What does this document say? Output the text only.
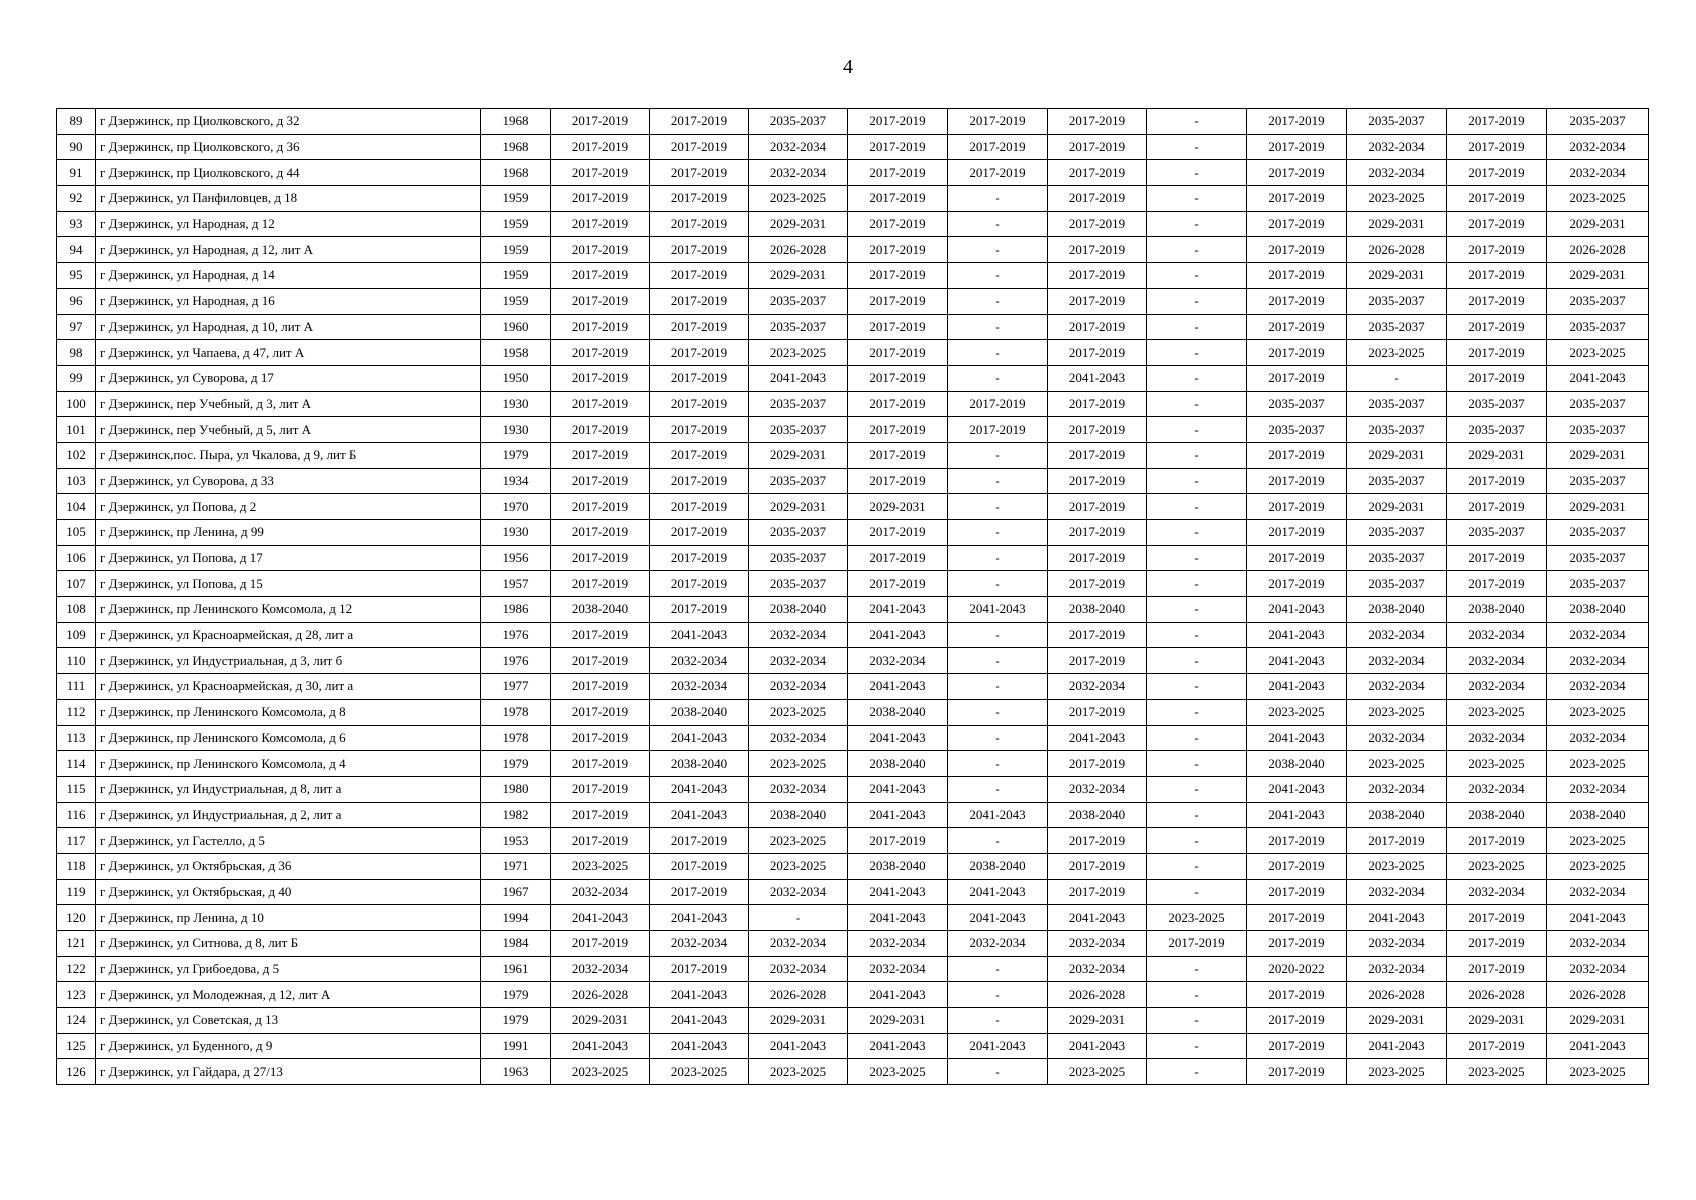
4
89	г Дзержинск, пр Циолковского, д 32	1968	2017-2019	2017-2019	2035-2037	2017-2019	2017-2019	2017-2019	-	2017-2019	2035-2037	2017-2019	2035-2037
90	г Дзержинск, пр Циолковского, д 36	1968	2017-2019	2017-2019	2032-2034	2017-2019	2017-2019	2017-2019	-	2017-2019	2032-2034	2017-2019	2032-2034
91	г Дзержинск, пр Циолковского, д 44	1968	2017-2019	2017-2019	2032-2034	2017-2019	2017-2019	2017-2019	-	2017-2019	2032-2034	2017-2019	2032-2034
92	г Дзержинск, ул Панфиловцев, д 18	1959	2017-2019	2017-2019	2023-2025	2017-2019	-	2017-2019	-	2017-2019	2023-2025	2017-2019	2023-2025
93	г Дзержинск, ул Народная, д 12	1959	2017-2019	2017-2019	2029-2031	2017-2019	-	2017-2019	-	2017-2019	2029-2031	2017-2019	2029-2031
94	г Дзержинск, ул Народная, д 12, лит А	1959	2017-2019	2017-2019	2026-2028	2017-2019	-	2017-2019	-	2017-2019	2026-2028	2017-2019	2026-2028
95	г Дзержинск, ул Народная, д 14	1959	2017-2019	2017-2019	2029-2031	2017-2019	-	2017-2019	-	2017-2019	2029-2031	2017-2019	2029-2031
96	г Дзержинск, ул Народная, д 16	1959	2017-2019	2017-2019	2035-2037	2017-2019	-	2017-2019	-	2017-2019	2035-2037	2017-2019	2035-2037
97	г Дзержинск, ул Народная, д 10, лит А	1960	2017-2019	2017-2019	2035-2037	2017-2019	-	2017-2019	-	2017-2019	2035-2037	2017-2019	2035-2037
98	г Дзержинск, ул Чапаева, д 47, лит А	1958	2017-2019	2017-2019	2023-2025	2017-2019	-	2017-2019	-	2017-2019	2023-2025	2017-2019	2023-2025
99	г Дзержинск, ул Суворова, д 17	1950	2017-2019	2017-2019	2041-2043	2017-2019	-	2041-2043	-	2017-2019	-	2017-2019	2041-2043
100	г Дзержинск, пер Учебный, д 3, лит А	1930	2017-2019	2017-2019	2035-2037	2017-2019	2017-2019	2017-2019	-	2035-2037	2035-2037	2035-2037	2035-2037
101	г Дзержинск, пер Учебный, д 5, лит А	1930	2017-2019	2017-2019	2035-2037	2017-2019	2017-2019	2017-2019	-	2035-2037	2035-2037	2035-2037	2035-2037
102	г Дзержинск,пос. Пыра, ул Чкалова, д 9, лит Б	1979	2017-2019	2017-2019	2029-2031	2017-2019	-	2017-2019	-	2017-2019	2029-2031	2029-2031	2029-2031
103	г Дзержинск, ул Суворова, д 33	1934	2017-2019	2017-2019	2035-2037	2017-2019	-	2017-2019	-	2017-2019	2035-2037	2017-2019	2035-2037
104	г Дзержинск, ул Попова, д 2	1970	2017-2019	2017-2019	2029-2031	2029-2031	-	2017-2019	-	2017-2019	2029-2031	2017-2019	2029-2031
105	г Дзержинск, пр Ленина, д 99	1930	2017-2019	2017-2019	2035-2037	2017-2019	-	2017-2019	-	2017-2019	2035-2037	2035-2037	2035-2037
106	г Дзержинск, ул Попова, д 17	1956	2017-2019	2017-2019	2035-2037	2017-2019	-	2017-2019	-	2017-2019	2035-2037	2017-2019	2035-2037
107	г Дзержинск, ул Попова, д 15	1957	2017-2019	2017-2019	2035-2037	2017-2019	-	2017-2019	-	2017-2019	2035-2037	2017-2019	2035-2037
108	г Дзержинск, пр Ленинского Комсомола, д 12	1986	2038-2040	2017-2019	2038-2040	2041-2043	2041-2043	2038-2040	-	2041-2043	2038-2040	2038-2040	2038-2040
109	г Дзержинск, ул Красноармейская, д 28, лит а	1976	2017-2019	2041-2043	2032-2034	2041-2043	-	2017-2019	-	2041-2043	2032-2034	2032-2034	2032-2034
110	г Дзержинск, ул Индустриальная, д 3, лит б	1976	2017-2019	2032-2034	2032-2034	2032-2034	-	2017-2019	-	2041-2043	2032-2034	2032-2034	2032-2034
111	г Дзержинск, ул Красноармейская, д 30, лит а	1977	2017-2019	2032-2034	2032-2034	2041-2043	-	2032-2034	-	2041-2043	2032-2034	2032-2034	2032-2034
112	г Дзержинск, пр Ленинского Комсомола, д 8	1978	2017-2019	2038-2040	2023-2025	2038-2040	-	2017-2019	-	2023-2025	2023-2025	2023-2025	2023-2025
113	г Дзержинск, пр Ленинского Комсомола, д 6	1978	2017-2019	2041-2043	2032-2034	2041-2043	-	2041-2043	-	2041-2043	2032-2034	2032-2034	2032-2034
114	г Дзержинск, пр Ленинского Комсомола, д 4	1979	2017-2019	2038-2040	2023-2025	2038-2040	-	2017-2019	-	2038-2040	2023-2025	2023-2025	2023-2025
115	г Дзержинск, ул Индустриальная, д 8, лит а	1980	2017-2019	2041-2043	2032-2034	2041-2043	-	2032-2034	-	2041-2043	2032-2034	2032-2034	2032-2034
116	г Дзержинск, ул Индустриальная, д 2, лит а	1982	2017-2019	2041-2043	2038-2040	2041-2043	2041-2043	2038-2040	-	2041-2043	2038-2040	2038-2040	2038-2040
117	г Дзержинск, ул Гастелло, д 5	1953	2017-2019	2017-2019	2023-2025	2017-2019	-	2017-2019	-	2017-2019	2017-2019	2017-2019	2023-2025
118	г Дзержинск, ул Октябрьская, д 36	1971	2023-2025	2017-2019	2023-2025	2038-2040	2038-2040	2017-2019	-	2017-2019	2023-2025	2023-2025	2023-2025
119	г Дзержинск, ул Октябрьская, д 40	1967	2032-2034	2017-2019	2032-2034	2041-2043	2041-2043	2017-2019	-	2017-2019	2032-2034	2032-2034	2032-2034
120	г Дзержинск, пр Ленина, д 10	1994	2041-2043	2041-2043	-	2041-2043	2041-2043	2041-2043	2023-2025	2017-2019	2041-2043	2017-2019	2041-2043
121	г Дзержинск, ул Ситнова, д 8, лит Б	1984	2017-2019	2032-2034	2032-2034	2032-2034	2032-2034	2032-2034	2017-2019	2017-2019	2032-2034	2017-2019	2032-2034
122	г Дзержинск, ул Грибоедова, д 5	1961	2032-2034	2017-2019	2032-2034	2032-2034	-	2032-2034	-	2020-2022	2032-2034	2017-2019	2032-2034
123	г Дзержинск, ул Молодежная, д 12, лит А	1979	2026-2028	2041-2043	2026-2028	2041-2043	-	2026-2028	-	2017-2019	2026-2028	2026-2028	2026-2028
124	г Дзержинск, ул Советская, д 13	1979	2029-2031	2041-2043	2029-2031	2029-2031	-	2029-2031	-	2017-2019	2029-2031	2029-2031	2029-2031
125	г Дзержинск, ул Буденного, д 9	1991	2041-2043	2041-2043	2041-2043	2041-2043	2041-2043	2041-2043	-	2017-2019	2041-2043	2017-2019	2041-2043
126	г Дзержинск, ул Гайдара, д 27/13	1963	2023-2025	2023-2025	2023-2025	2023-2025	-	2023-2025	-	2017-2019	2023-2025	2023-2025	2023-2025
